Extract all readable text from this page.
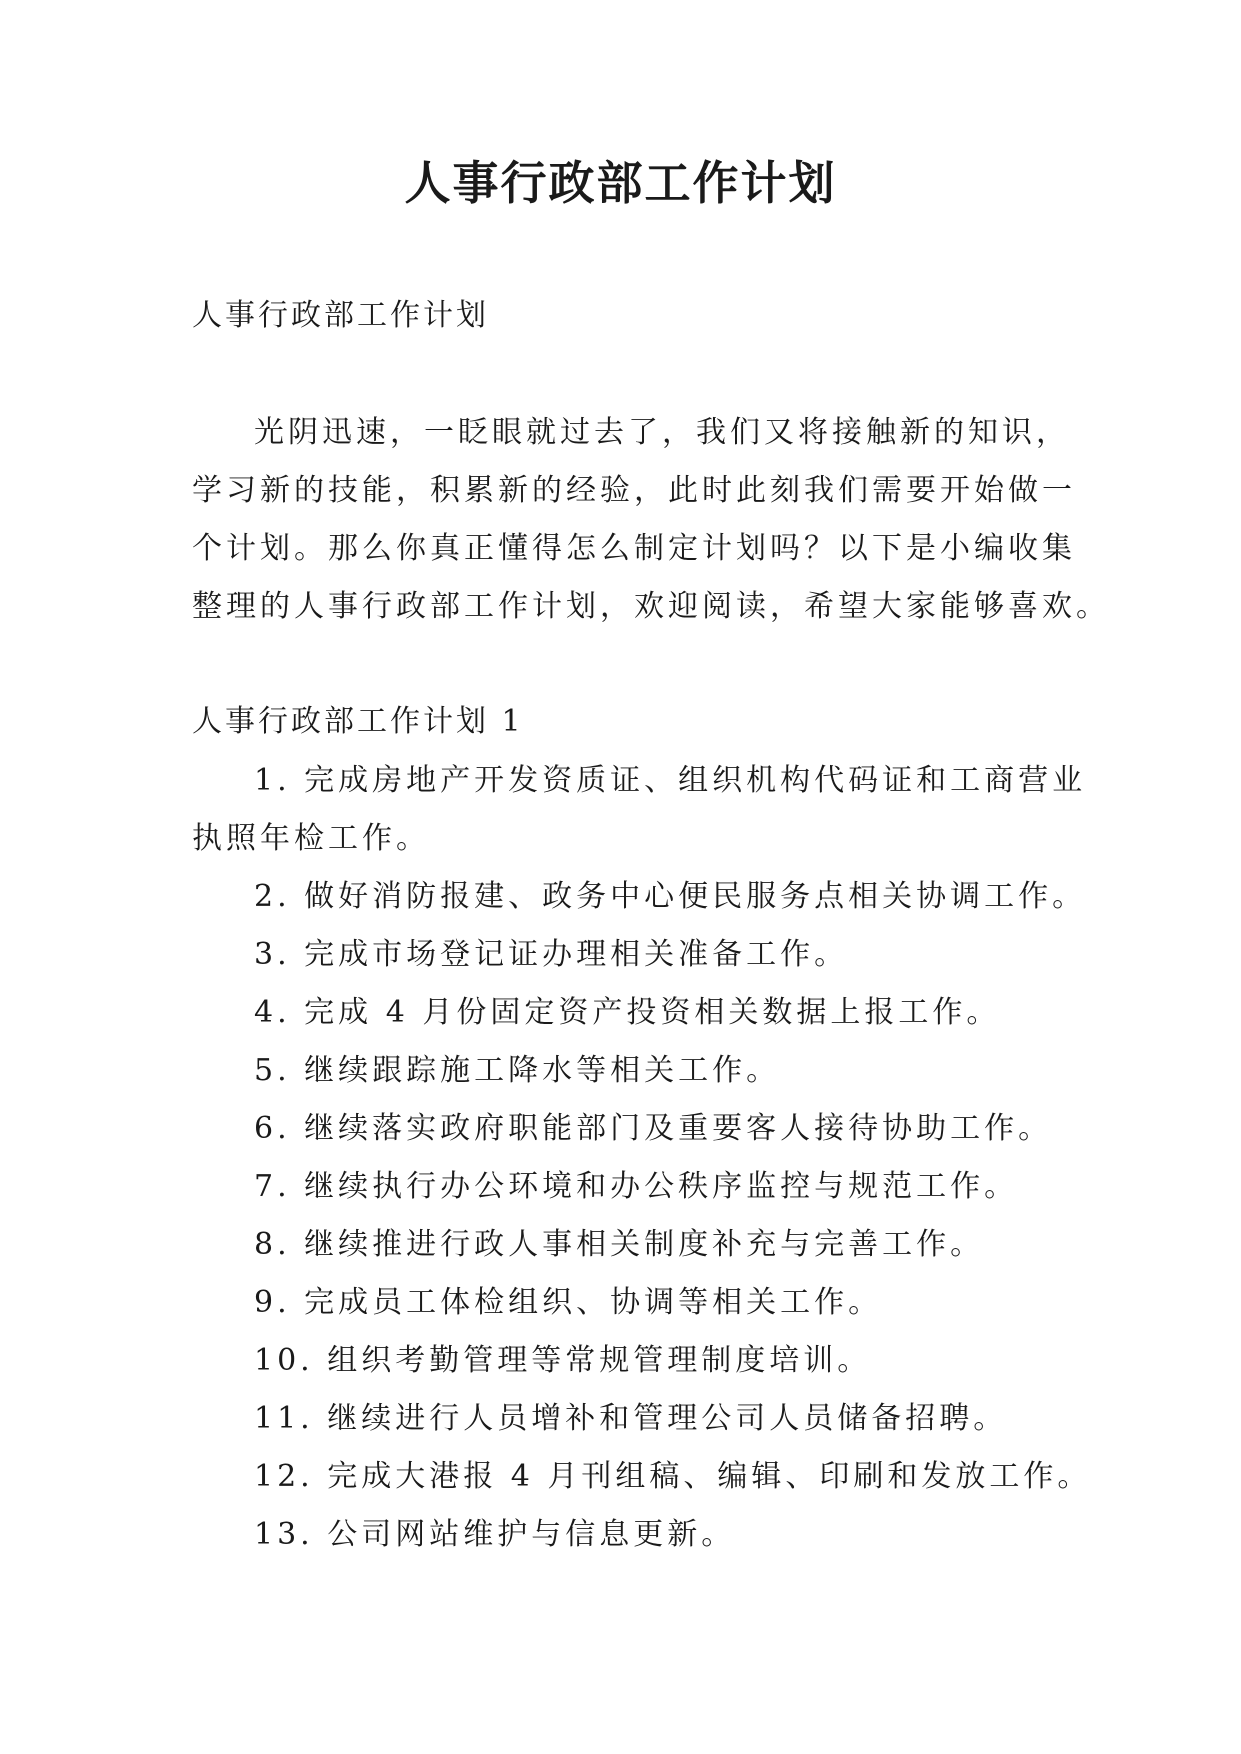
人事行政部工作计划

人事行政部工作计划

光阴迅速，一眨眼就过去了，我们又将接触新的知识，

学习新的技能，积累新的经验，此时此刻我们需要开始做一

个计划。那么你真正懂得怎么制定计划吗？以下是小编收集

整理的人事行政部工作计划，欢迎阅读，希望大家能够喜欢。

人事行政部工作计划 1

1. 完成房地产开发资质证、组织机构代码证和工商营业
执照年检工作。
2. 做好消防报建、政务中心便民服务点相关协调工作。
3. 完成市场登记证办理相关准备工作。
4. 完成 4 月份固定资产投资相关数据上报工作。
5. 继续跟踪施工降水等相关工作。
6. 继续落实政府职能部门及重要客人接待协助工作。
7. 继续执行办公环境和办公秩序监控与规范工作。
8. 继续推进行政人事相关制度补充与完善工作。
9. 完成员工体检组织、协调等相关工作。
10. 组织考勤管理等常规管理制度培训。
11. 继续进行人员增补和管理公司人员储备招聘。
12. 完成大港报 4 月刊组稿、编辑、印刷和发放工作。
13. 公司网站维护与信息更新。
